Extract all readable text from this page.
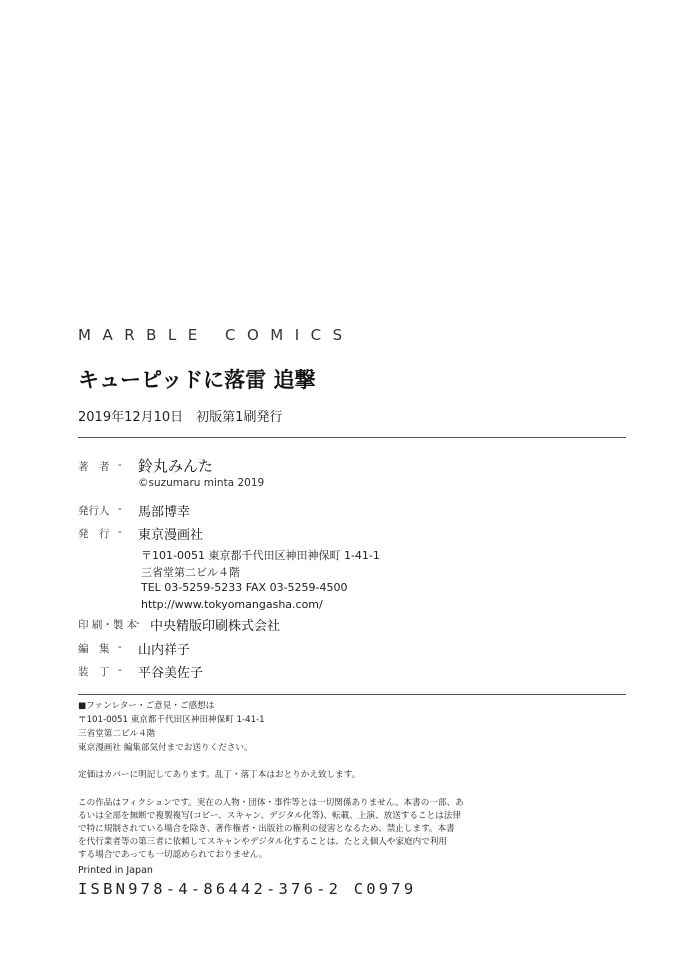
MARBLE COMICS
キューピッドに落雷 追撃
2019年12月10日　初版第1刷発行
著　者 - 鈴丸みんた
©suzumaru minta 2019
発行人 - 馬部博幸
発　行 - 東京漫画社
〒101-0051 東京都千代田区神田神保町 1-41-1
三省堂第二ビル４階
TEL 03-5259-5233 FAX 03-5259-4500
http://www.tokyomangasha.com/
印 刷・製 本
- 中央精版印刷株式会社
編　集 - 山内祥子
装　丁 - 平谷美佐子
■ファンレター・ご意見・ご感想は
〒101-0051 東京都千代田区神田神保町 1-41-1
三省堂第二ビル４階
東京漫画社 編集部気付までお送りください。
定価はカバーに明記してあります。乱丁・落丁本はおとりかえ致します。
この作品はフィクションです。実在の人物・団体・事件等とは一切関係ありません。本書の一部、あ
るいは全部を無断で複製複写(コピー、スキャン、デジタル化等)、転載、上演、放送することは法律
で特に規制されている場合を除き、著作権者・出版社の権利の侵害となるため、禁止します。本書
を代行業者等の第三者に依頼してスキャンやデジタル化することは、たとえ個人や家庭内で利用
する場合であっても一切認められておりません。
Printed in Japan
ISBN978-4-86442-376-2 C0979
